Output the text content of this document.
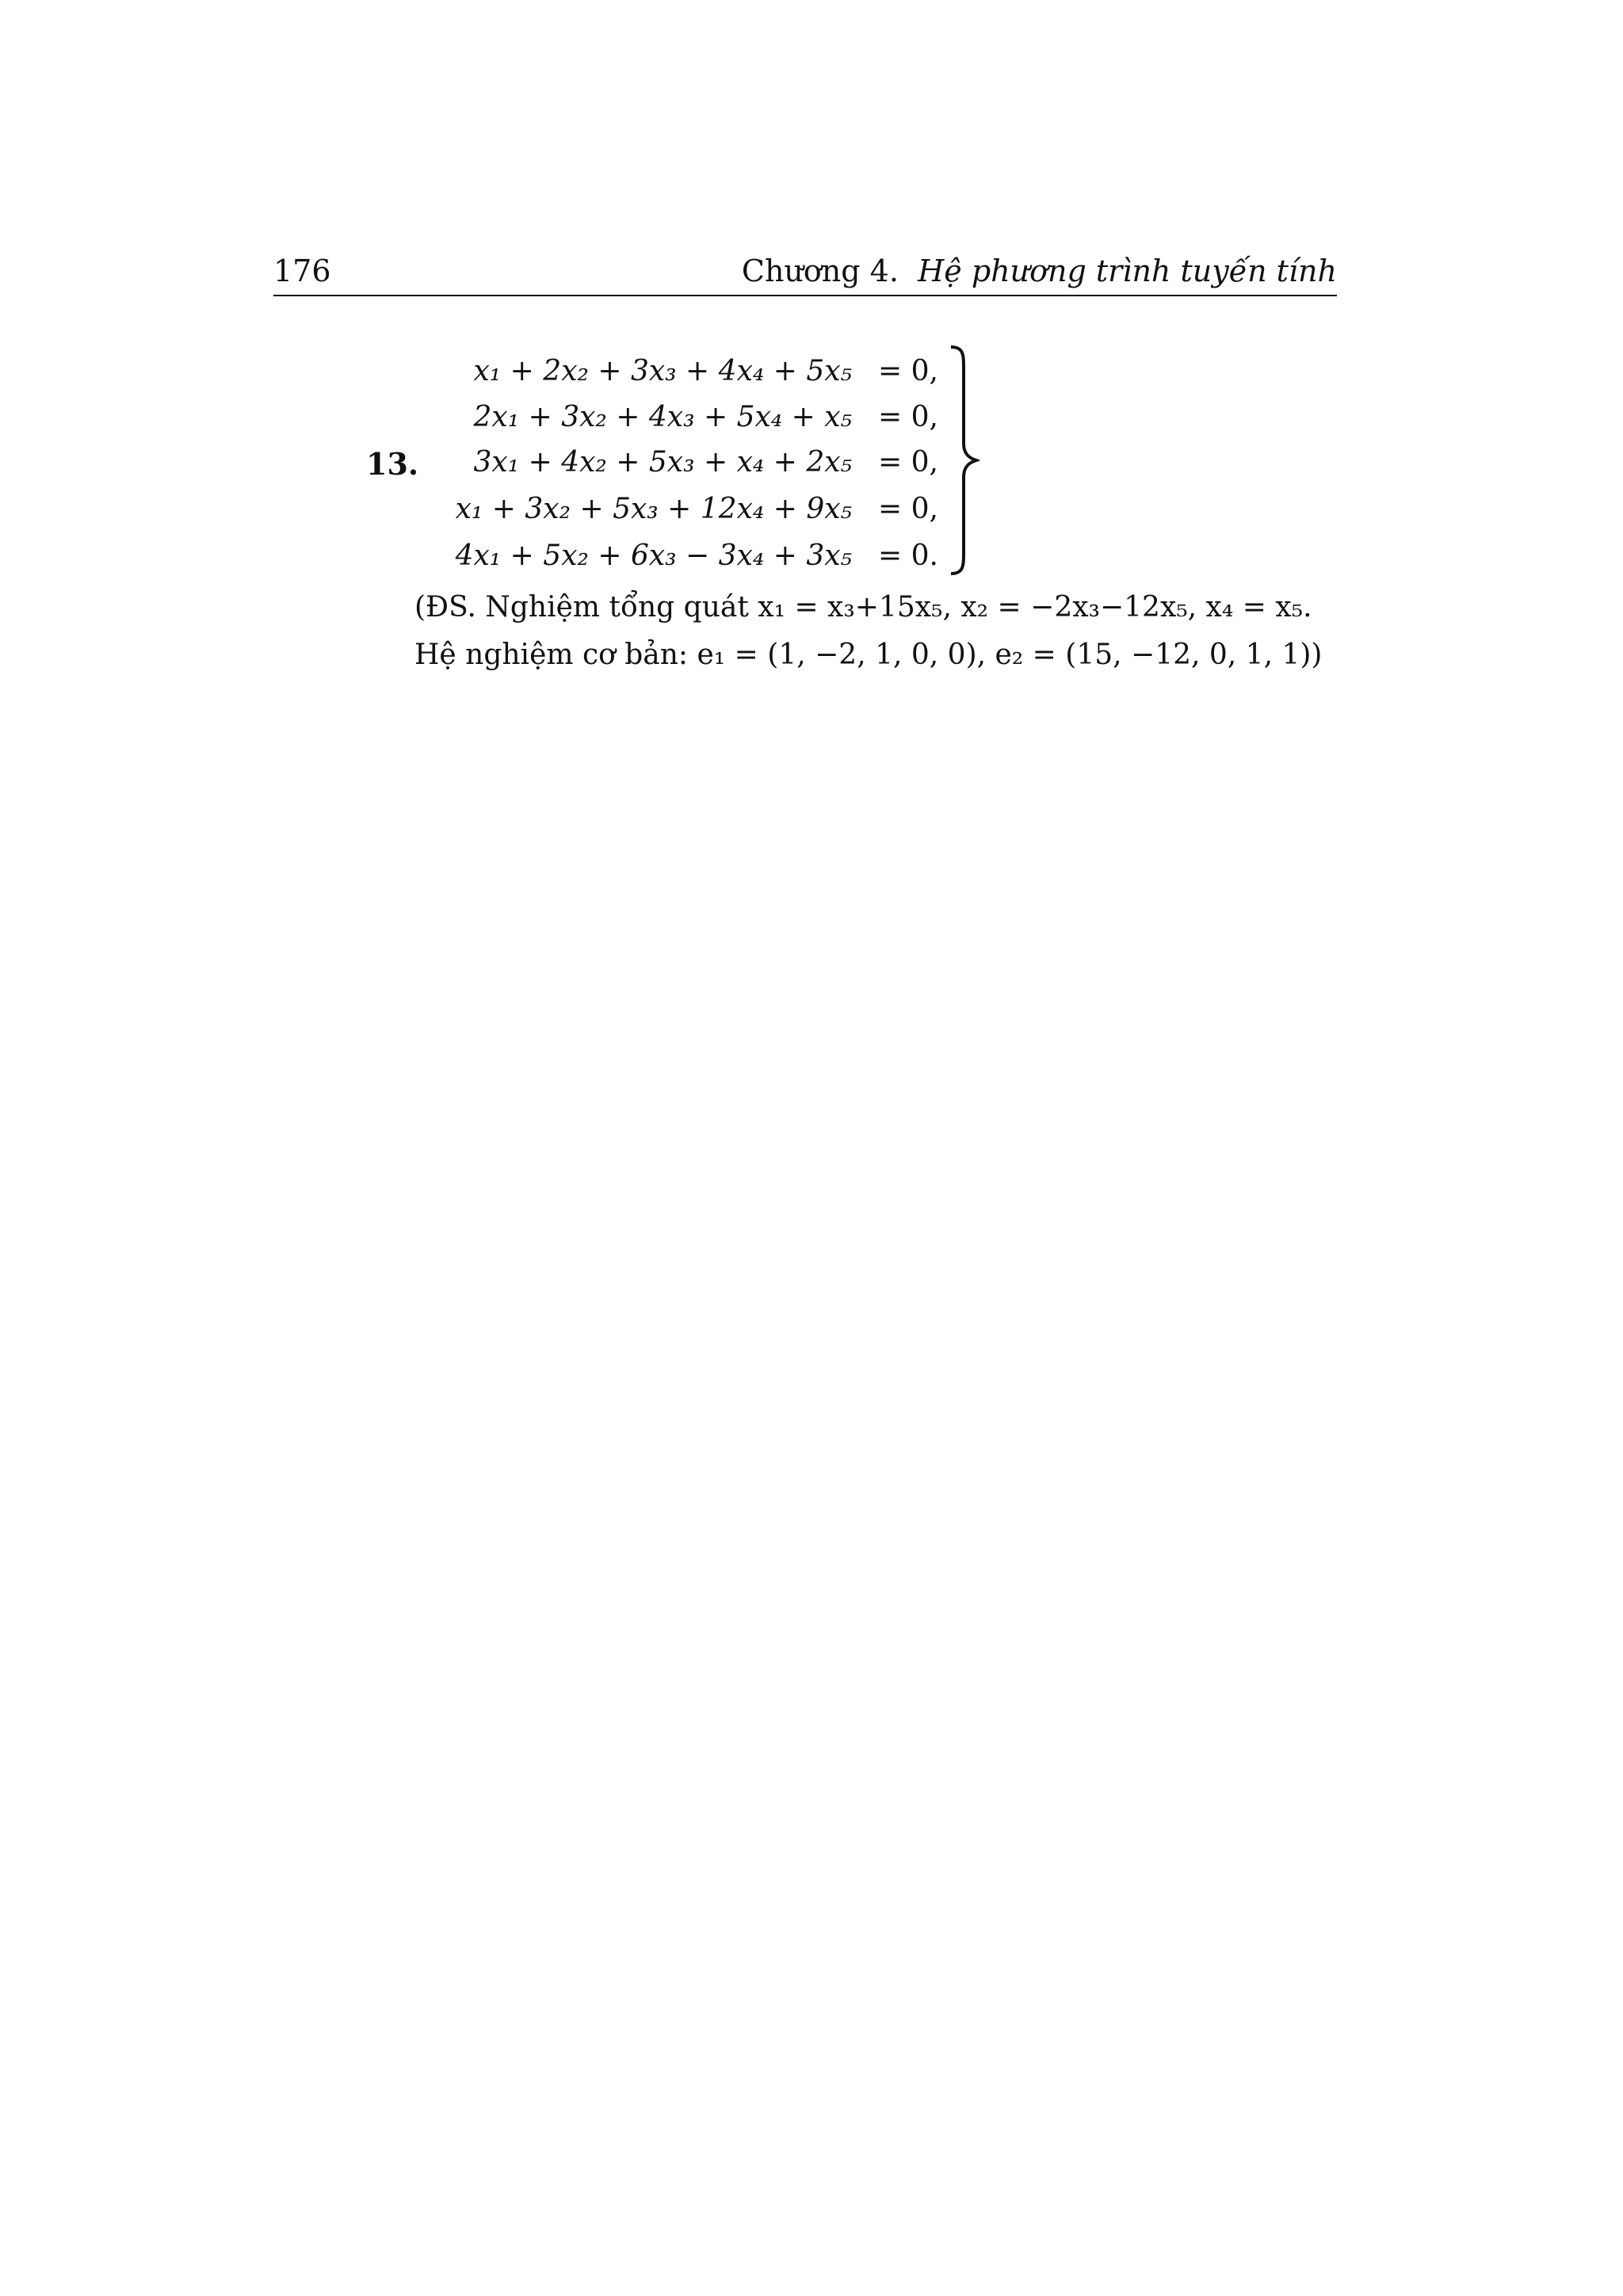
176	Chương 4. Hệ phương trình tuyến tính
13.
x₁ + 2x₂ + 3x₃ + 4x₄ + 5x₅ = 0,
2x₁ + 3x₂ + 4x₃ + 5x₄ + x₅ = 0,
3x₁ + 4x₂ + 5x₃ + x₄ + 2x₅ = 0,
x₁ + 3x₂ + 5x₃ + 12x₄ + 9x₅ = 0,
4x₁ + 5x₂ + 6x₃ − 3x₄ + 3x₅ = 0.
(ĐS. Nghiệm tổng quát x₁ = x₃+15x₅, x₂ = −2x₃−12x₅, x₄ = x₅.
Hệ nghiệm cơ bản: e₁ = (1, −2, 1, 0, 0), e₂ = (15, −12, 0, 1, 1))
